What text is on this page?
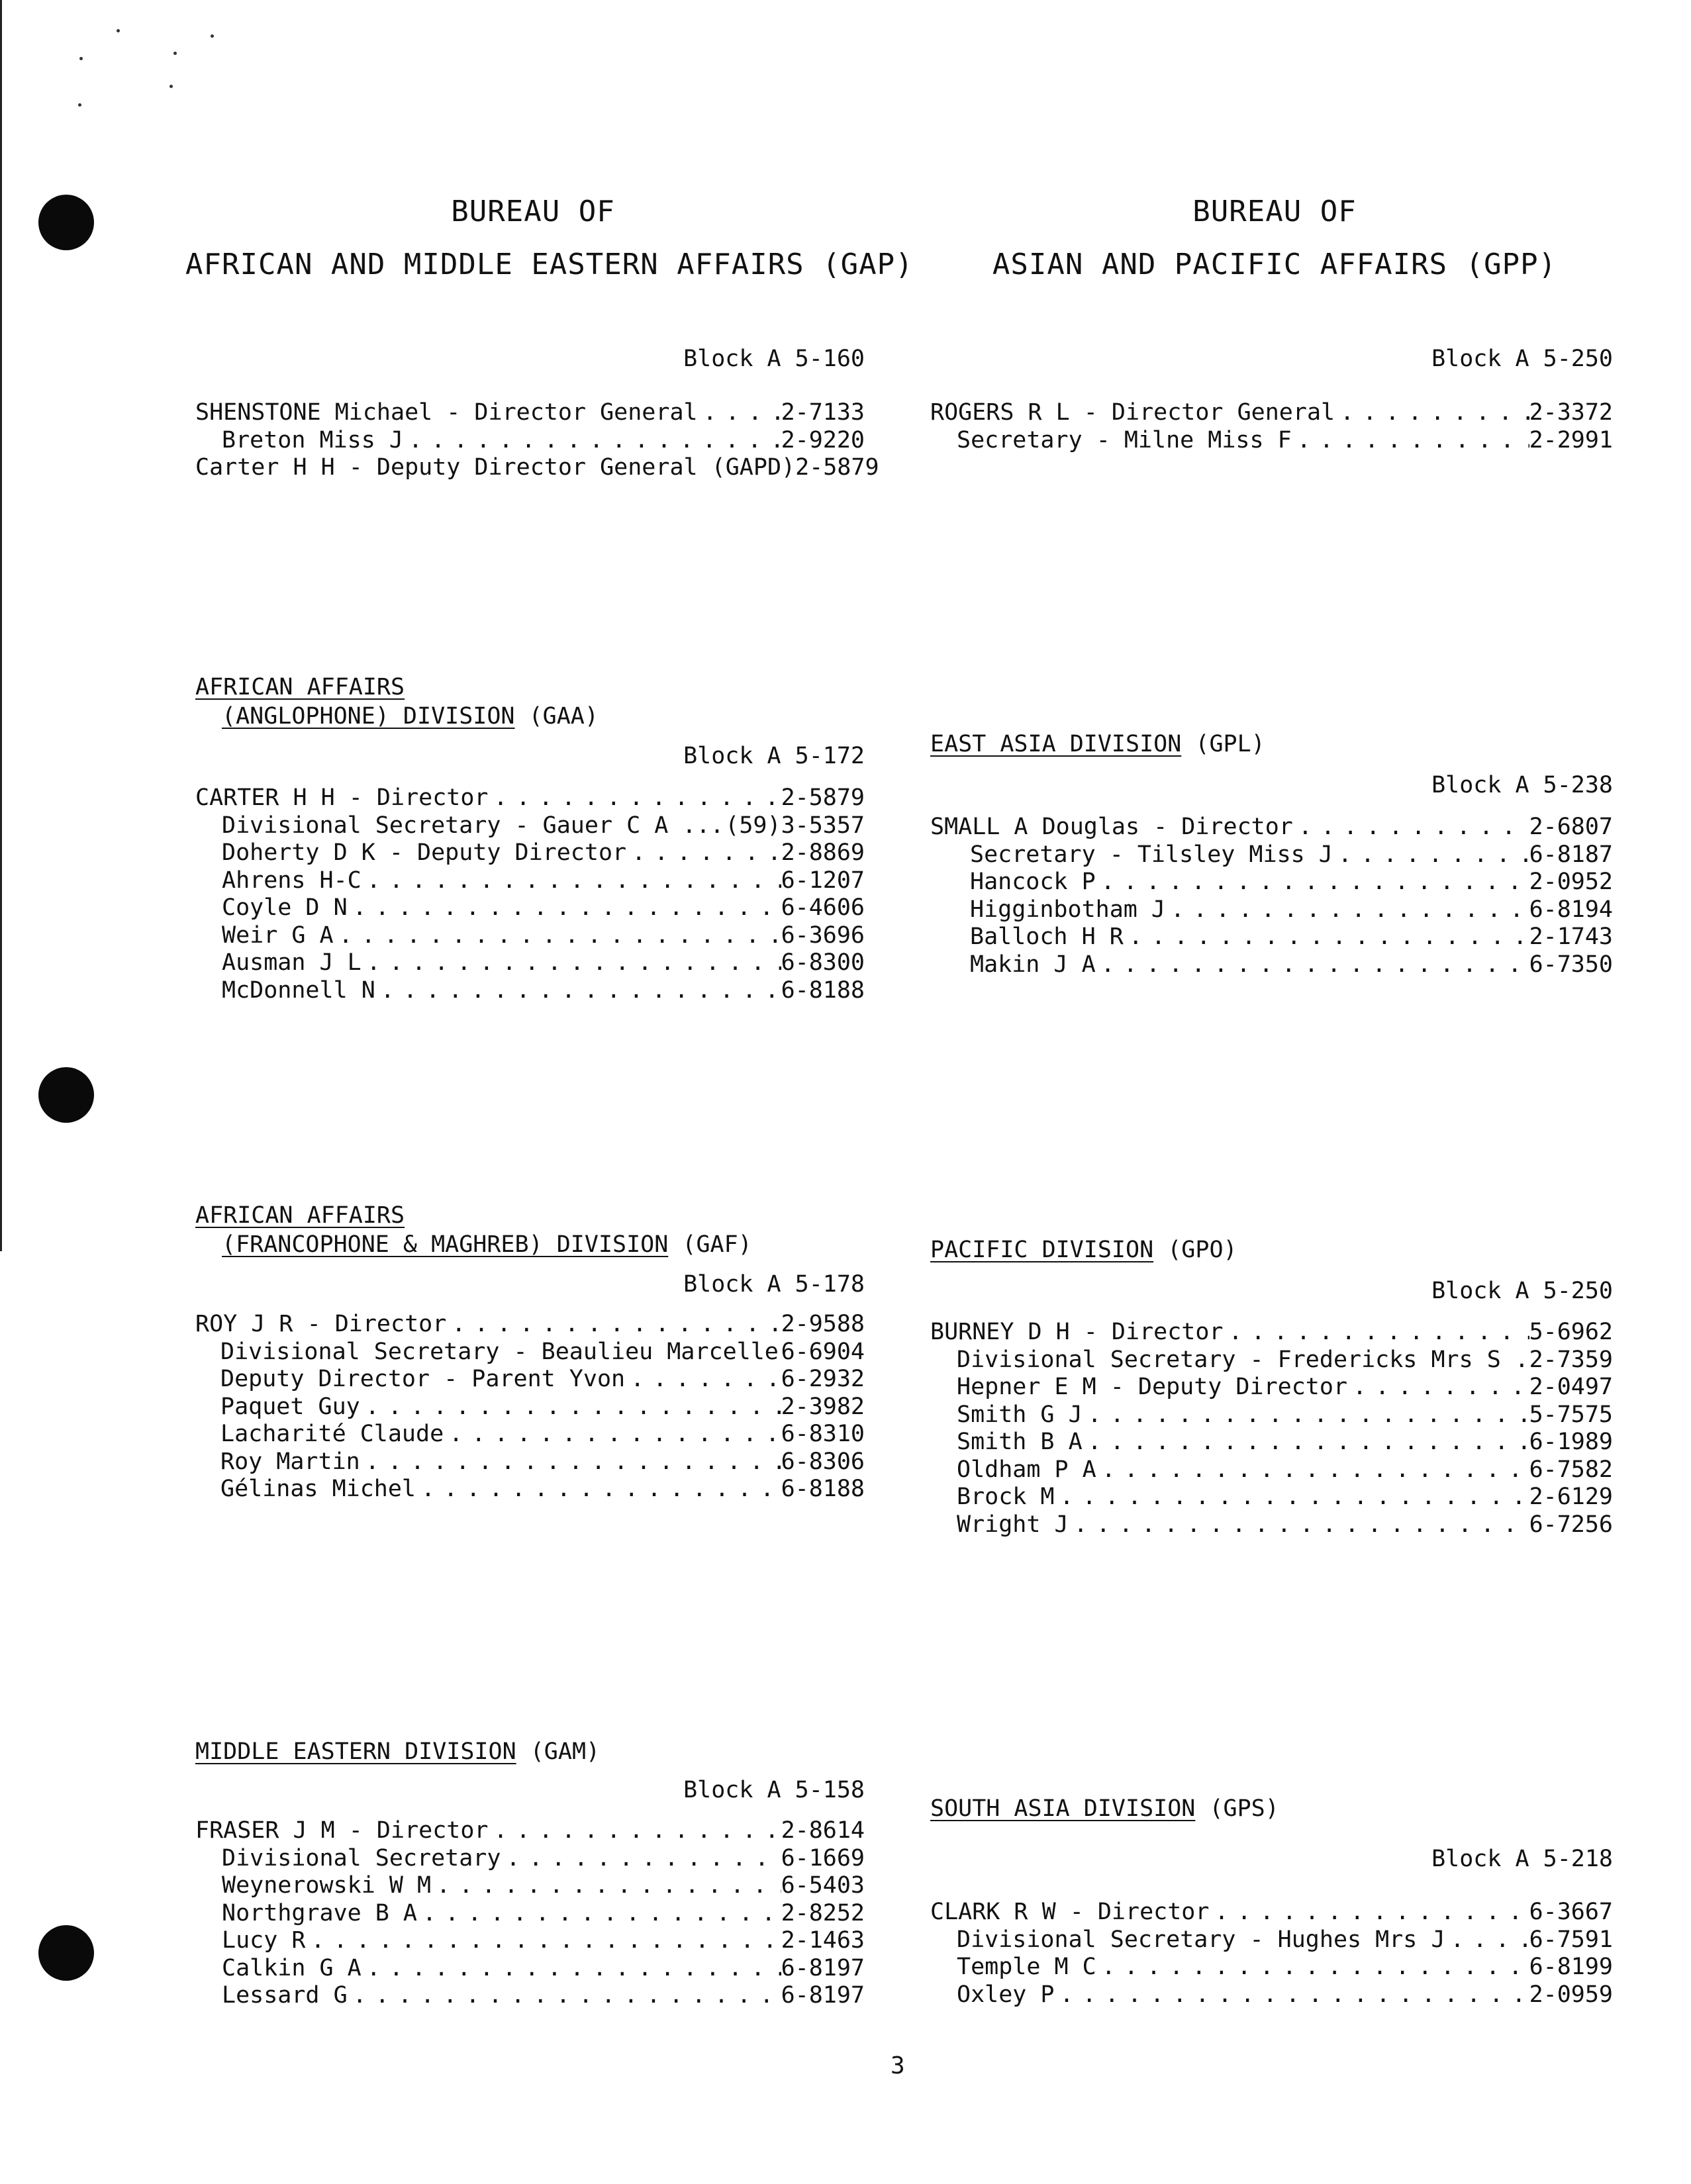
BUREAU OF
AFRICAN AND MIDDLE EASTERN AFFAIRS (GAP)
BUREAU OF
ASIAN AND PACIFIC AFFAIRS (GPP)
Block A 5-160	Block A 5-250
SHENSTONE Michael - Director General . . .	2-7133
Breton Miss J . . .	2-9220
Carter H H - Deputy Director General (GAPD) 2-5879
ROGERS R L - Director General . . .	2-3372
Secretary - Milne Miss F . . .	2-2991
AFRICAN AFFAIRS
(ANGLOPHONE) DIVISION (GAA)
Block A 5-172
CARTER H H - Director . . .	2-5879
Divisional Secretary - Gauer C A ... (59)3-5357
Doherty D K - Deputy Director . . .	2-8869
Ahrens H-C . . .	6-1207
Coyle D N . . .	6-4606
Weir G A . . .	6-3696
Ausman J L . . .	6-8300
McDonnell N . . .	6-8188
EAST ASIA DIVISION (GPL)
Block A 5-238
SMALL A Douglas - Director . . .	2-6807
Secretary - Tilsley Miss J . . .	6-8187
Hancock P . . .	2-0952
Higginbotham J . . .	6-8194
Balloch H R . . .	2-1743
Makin J A . . .	6-7350
AFRICAN AFFAIRS
(FRANCOPHONE & MAGHREB) DIVISION (GAF)
Block A 5-178
ROY J R - Director . . .	2-9588
Divisional Secretary - Beaulieu Marcelle 6-6904
Deputy Director - Parent Yvon . . .	6-2932
Paquet Guy . . .	2-3982
Lacharité Claude . . .	6-8310
Roy Martin . . .	6-8306
Gélinas Michel . . .	6-8188
PACIFIC DIVISION (GPO)
Block A 5-250
BURNEY D H - Director . . .	5-6962
Divisional Secretary - Fredericks Mrs S . 2-7359
Hepner E M - Deputy Director . . .	2-0497
Smith G J . . .	5-7575
Smith B A . . .	6-1989
Oldham P A . . .	6-7582
Brock M . . .	2-6129
Wright J . . .	6-7256
MIDDLE EASTERN DIVISION (GAM)
Block A 5-158
FRASER J M - Director . . .	2-8614
Divisional Secretary . . .	6-1669
Weynerowski W M . . .	6-5403
Northgrave B A . . .	2-8252
Lucy R . . .	2-1463
Calkin G A . . .	6-8197
Lessard G . . .	6-8197
SOUTH ASIA DIVISION (GPS)
Block A 5-218
CLARK R W - Director . . .	6-3667
Divisional Secretary - Hughes Mrs J . . .	6-7591
Temple M C . . .	6-8199
Oxley P . . .	2-0959
3
